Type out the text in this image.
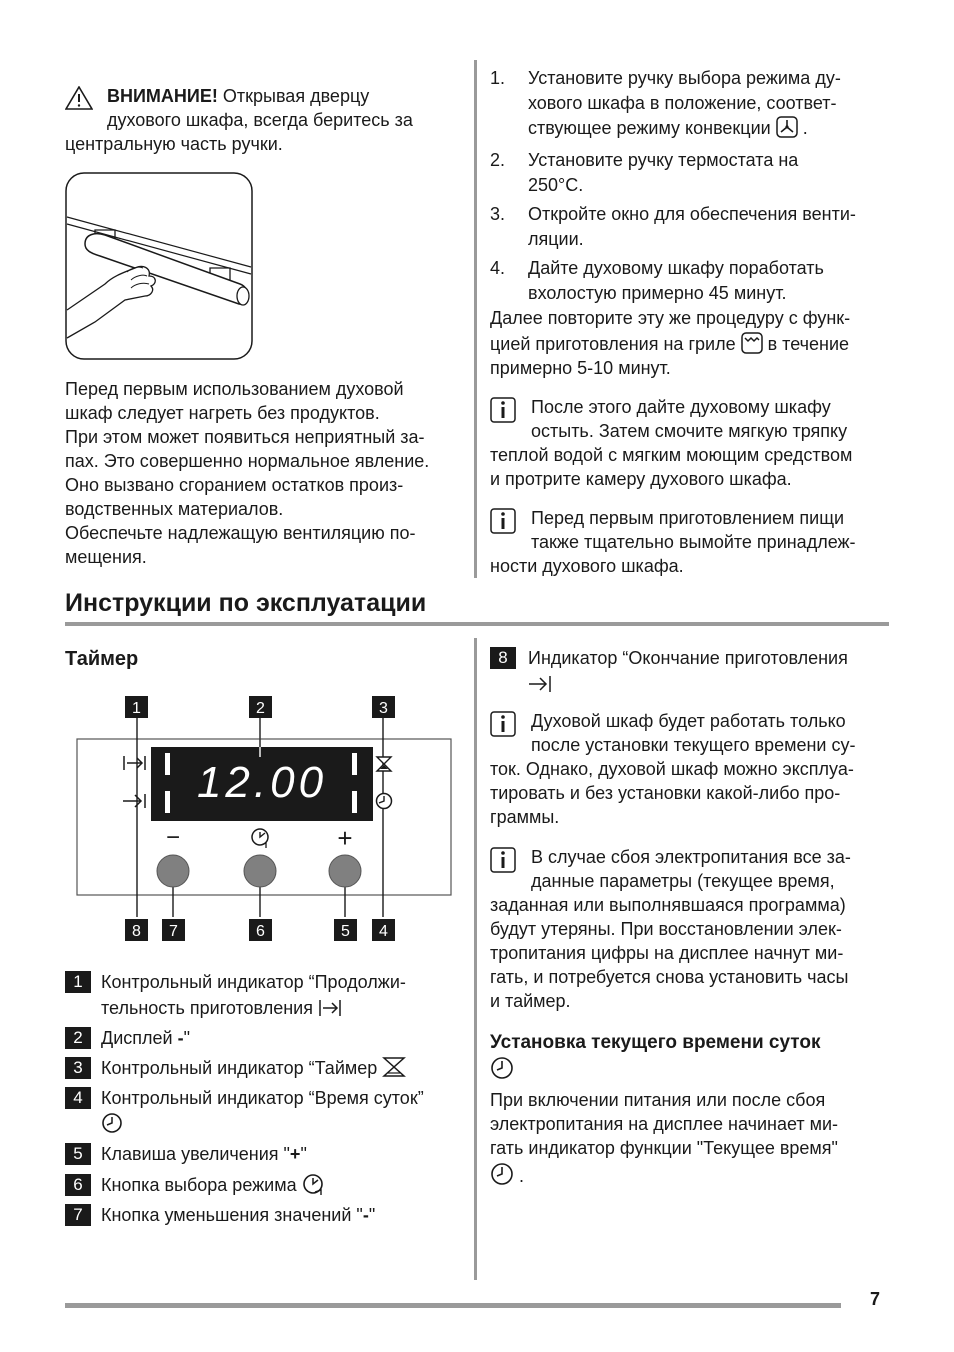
ВНИМАНИЕ! Открывая дверцу

духового шкафа, всегда беритесь за

центральную часть ручки.

Перед первым использованием духовой

шкаф следует нагреть без продуктов.

При этом может появиться неприятный за-

пах. Это совершенно нормальное явление.

Оно вызвано сгоранием остатков произ-

водственных материалов.

Обеспечьте надлежащую вентиляцию по-

мещения.

1. Установите ручку выбора режима ду-
хового шкафа в положение, соответ-
ствующее режиму конвекции  .
2. Установите ручку термостата на
250°C.
3. Откройте окно для обеспечения венти-
ляции.
4. Дайте духовому шкафу поработать
вхолостую примерно 45 минут.

Далее повторите эту же процедуру с функ-

цией приготовления на гриле  в течение

примерно 5-10 минут.

После этого дайте духовому шкафу

остыть. Затем смочите мягкую тряпку

теплой водой с мягким моющим средством

и протрите камеру духового шкафа.

Перед первым приготовлением пищи

также тщательно вымойте принадлеж-

ности духового шкафа.

Инструкции по эксплуатации
Таймер
12.00
−	+
1	2	3
8 7	6	5 4
1	Контрольный индикатор “Продолжи-
тельность приготовления
2	Дисплей -"
3	Контрольный индикатор “Таймер
4	Контрольный индикатор “Время суток”

5	Клавиша увеличения "+"
6	Кнопка выбора режима
7	Кнопка уменьшения значений "-"
8	Индикатор “Окончание приготовления

Духовой шкаф будет работать только

после установки текущего времени су-

ток. Однако, духовой шкаф можно эксплуа-

тировать и без установки какой-либо про-

граммы.

В случае сбоя электропитания все за-

данные параметры (текущее время,

заданная или выполнявшаяся программа)

будут утеряны. При восстановлении элек-

тропитания цифры на дисплее начнут ми-

гать, и потребуется снова установить часы

и таймер.

Установка текущего времени суток

При включении питания или после сбоя

электропитания на дисплее начинает ми-

гать индикатор функции "Текущее время"

.

7
